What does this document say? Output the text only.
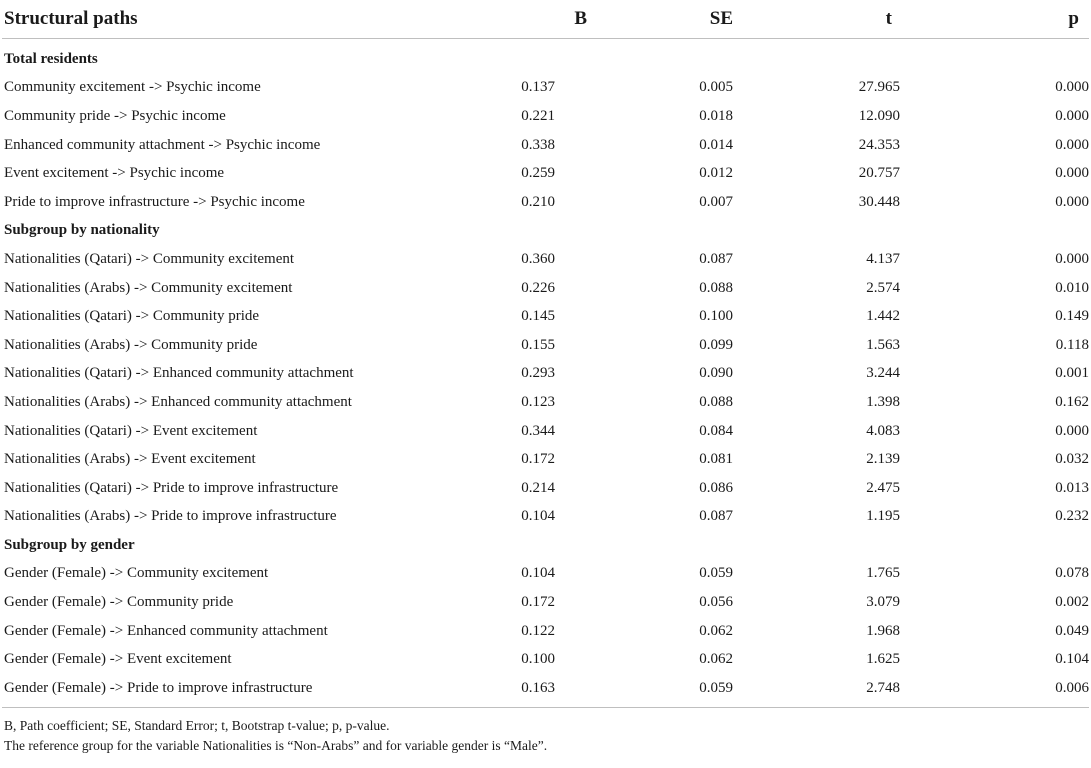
Structural paths	B	SE	t	p
Total residents				
Community excitement -> Psychic income	0.137	0.005	27.965	0.000
Community pride -> Psychic income	0.221	0.018	12.090	0.000
Enhanced community attachment -> Psychic income	0.338	0.014	24.353	0.000
Event excitement -> Psychic income	0.259	0.012	20.757	0.000
Pride to improve infrastructure -> Psychic income	0.210	0.007	30.448	0.000
Subgroup by nationality				
Nationalities (Qatari) -> Community excitement	0.360	0.087	4.137	0.000
Nationalities (Arabs) -> Community excitement	0.226	0.088	2.574	0.010
Nationalities (Qatari) -> Community pride	0.145	0.100	1.442	0.149
Nationalities (Arabs) -> Community pride	0.155	0.099	1.563	0.118
Nationalities (Qatari) -> Enhanced community attachment	0.293	0.090	3.244	0.001
Nationalities (Arabs) -> Enhanced community attachment	0.123	0.088	1.398	0.162
Nationalities (Qatari) -> Event excitement	0.344	0.084	4.083	0.000
Nationalities (Arabs) -> Event excitement	0.172	0.081	2.139	0.032
Nationalities (Qatari) -> Pride to improve infrastructure	0.214	0.086	2.475	0.013
Nationalities (Arabs) -> Pride to improve infrastructure	0.104	0.087	1.195	0.232
Subgroup by gender				
Gender (Female) -> Community excitement	0.104	0.059	1.765	0.078
Gender (Female) -> Community pride	0.172	0.056	3.079	0.002
Gender (Female) -> Enhanced community attachment	0.122	0.062	1.968	0.049
Gender (Female) -> Event excitement	0.100	0.062	1.625	0.104
Gender (Female) -> Pride to improve infrastructure	0.163	0.059	2.748	0.006
B, Path coefficient; SE, Standard Error; t, Bootstrap t-value; p, p-value.
The reference group for the variable Nationalities is “Non-Arabs” and for variable gender is “Male”.
